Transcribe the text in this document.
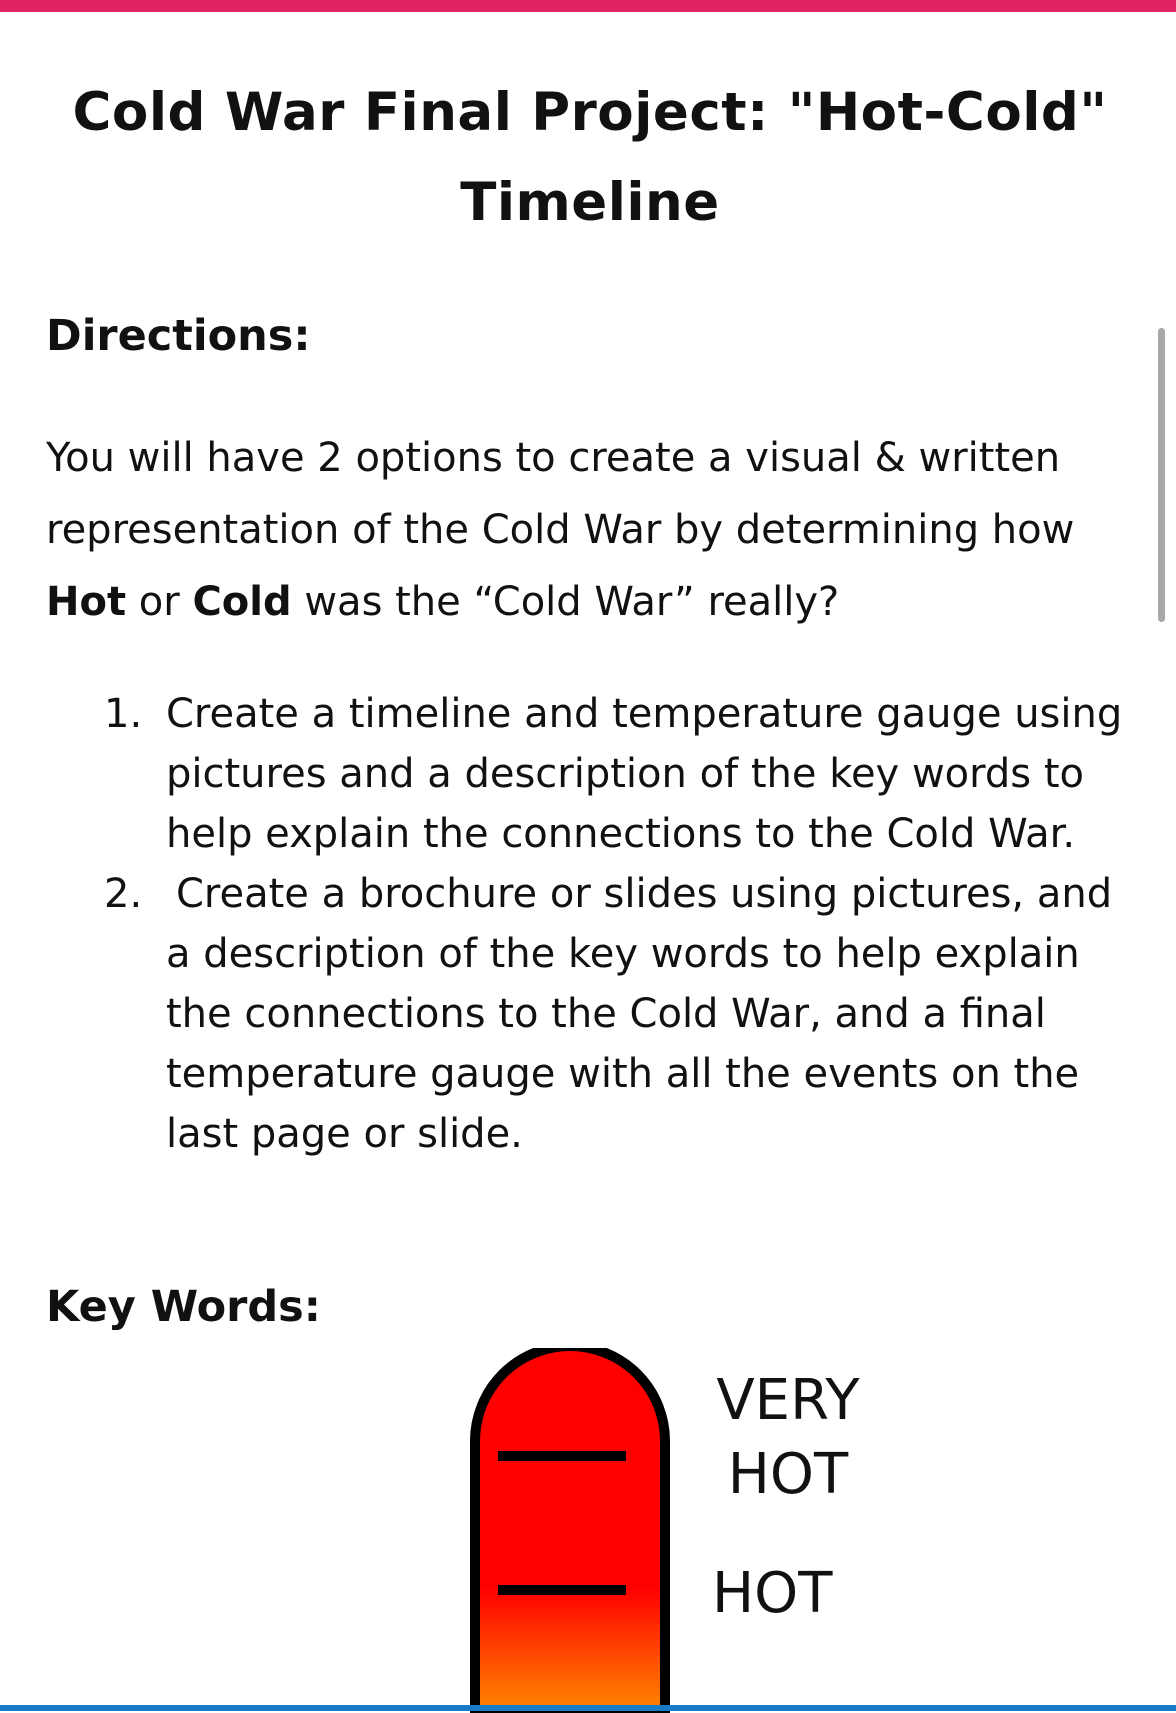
Cold War Final Project: "Hot-Cold" Timeline
Directions:

You will have 2 options to create a visual & written representation of the Cold War by determining how Hot or Cold was the “Cold War” really?

1. Create a timeline and temperature gauge using pictures and a description of the key words to help explain the connections to the Cold War.
2. Create a brochure or slides using pictures, and a description of the key words to help explain the connections to the Cold War, and a final temperature gauge with all the events on the last page or slide.
Key Words:
VERY HOT
HOT
